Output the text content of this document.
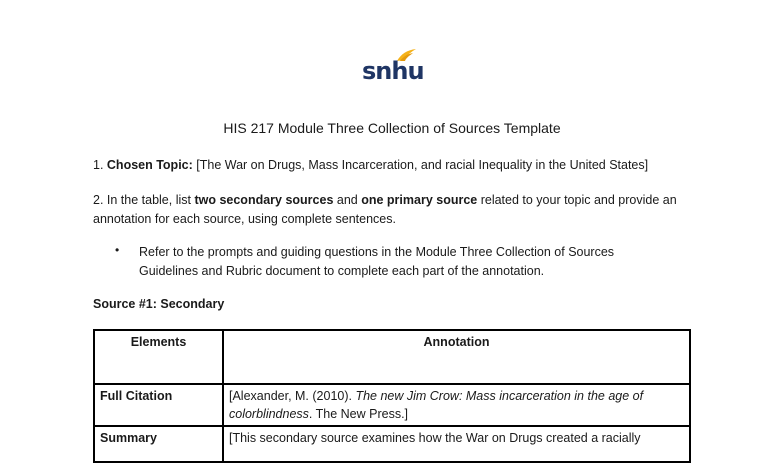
snhu
HIS 217 Module Three Collection of Sources Template
1. Chosen Topic: [The War on Drugs, Mass Incarceration, and racial Inequality in the United States]
2. In the table, list two secondary sources and one primary source related to your topic and provide an
annotation for each source, using complete sentences.
• Refer to the prompts and guiding questions in the Module Three Collection of Sources
Guidelines and Rubric document to complete each part of the annotation.
Source #1: Secondary
Elements	Annotation
Full Citation	[Alexander, M. (2010). The new Jim Crow: Mass incarceration in the age of
colorblindness. The New Press.]
Summary	[This secondary source examines how the War on Drugs created a racially
